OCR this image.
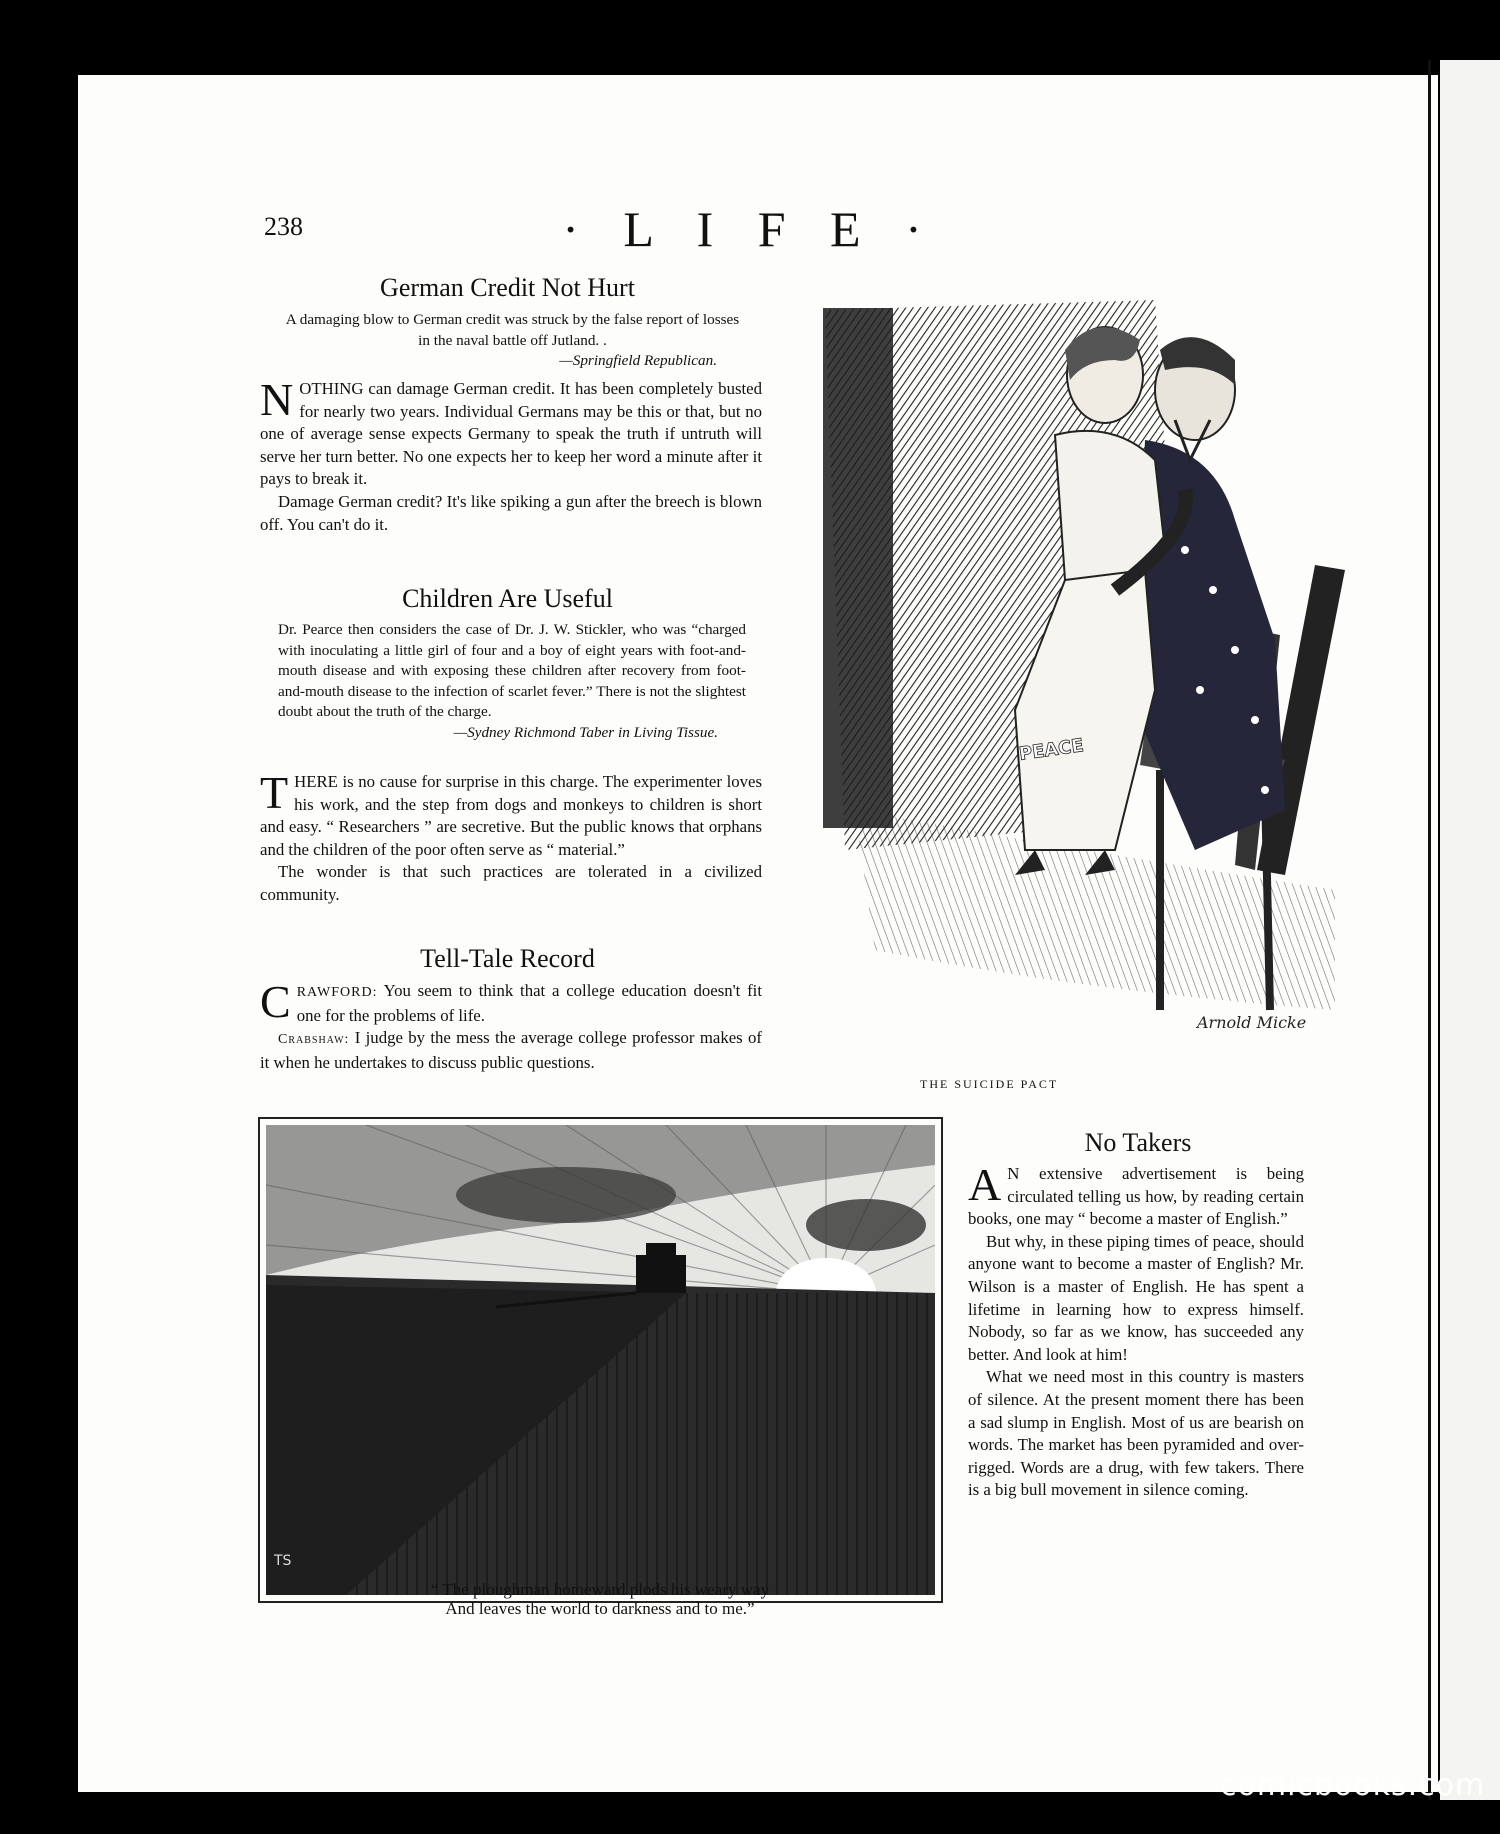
238	· L I F E ·
German Credit Not Hurt
A damaging blow to German credit was struck by the false report of losses in the naval battle off Jutland. .
—Springfield Republican.

NOTHING can damage German credit. It has been completely busted for nearly two years. Individual Germans may be this or that, but no one of average sense expects Germany to speak the truth if untruth will serve her turn better. No one expects her to keep her word a minute after it pays to break it.

Damage German credit? It's like spiking a gun after the breech is blown off. You can't do it.

Children Are Useful
Dr. Pearce then considers the case of Dr. J. W. Stickler, who was “charged with inoculating a little girl of four and a boy of eight years with foot-and-mouth disease and with exposing these children after recovery from foot-and-mouth disease to the infection of scarlet fever.” There is not the slightest doubt about the truth of the charge.
—Sydney Richmond Taber in Living Tissue.

THERE is no cause for surprise in this charge. The experimenter loves his work, and the step from dogs and monkeys to children is short and easy. “ Researchers ” are secretive. But the public knows that orphans and the children of the poor often serve as “ material.”

The wonder is that such practices are tolerated in a civilized community.

Tell-Tale Record

CRAWFORD: You seem to think that a college education doesn't fit one for the problems of life.

Crabshaw: I judge by the mess the average college professor makes of it when he undertakes to discuss public questions.

PEACE
Arnold Micke
THE SUICIDE PACT
TS
“ The ploughman homeward plods his weary way
And leaves the world to darkness and to me.”
No Takers

A N extensive advertisement is being circulated telling us how, by reading certain books, one may “ become a master of English.”

But why, in these piping times of peace, should anyone want to become a master of English? Mr. Wilson is a master of English. He has spent a lifetime in learning how to express himself. Nobody, so far as we know, has succeeded any better. And look at him!

What we need most in this country is masters of silence. At the present moment there has been a sad slump in English. Most of us are bearish on words. The market has been pyramided and over-rigged. Words are a drug, with few takers. There is a big bull movement in silence coming.

comicbooks.com
